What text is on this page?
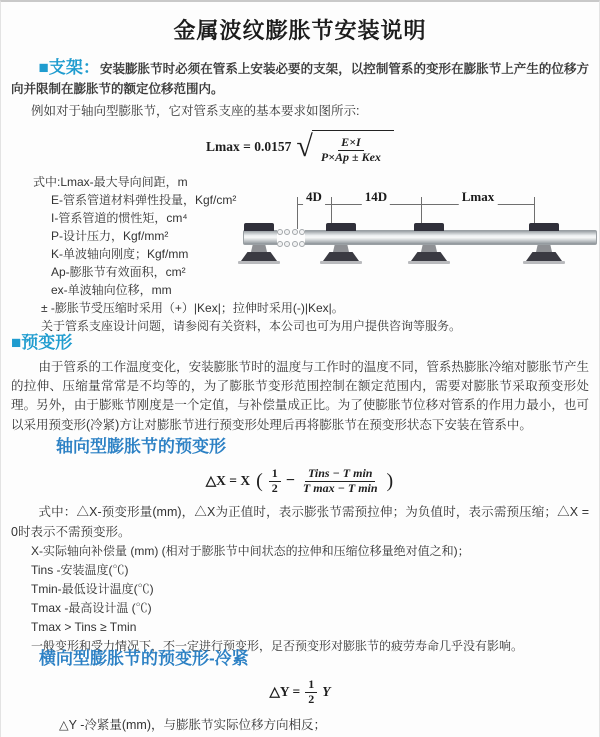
金属波纹膨胀节安装说明

■支架：安装膨胀节时必须在管系上安装必要的支架，以控制管系的变形在膨胀节上产生的位移方向并限制在膨胀节的额定位移范围内。

例如对于轴向型膨胀节，它对管系支座的基本要求如图所示:

Lmax = 0.0157 √ $\frac{E\times I}{\text{P×Ap ± Kex}}$
式中:Lmax-最大导向间距，m
E-管系管道材料弹性投量，Kgf/cm²
I-管系管道的惯性矩，cm⁴
P-设计压力，Kgf/mm²
K-单波轴向刚度；Kgf/mm
Ap-膨胀节有效面积，cm²
ex-单波轴向位移，mm
± -膨胀节受压缩时采用（+）|Kex|；拉伸时采用(-)|Kex|。
关于管系支座设计问题，请参阅有关资料，本公司也可为用户提供咨询等服务。
4D	14D	Lmax
■预变形

由于管系的工作温度变化，安装膨胀节时的温度与工作时的温度不同，管系热膨胀冷缩对膨胀节产生的拉伸、压缩量常常是不均等的，为了膨胀节变形范围控制在额定范围内，需要对膨胀节采取预变形处理。另外，由于膨账节刚度是一个定值，与补偿量成正比。为了使膨胀节位移对管系的作用力最小，也可以采用预变形(冷紧)方让对膨胀节进行预变形处理后再将膨胀节在预变形状态下安装在管系中。

轴向型膨胀节的预变形
△X = X ( $\frac{1}{2} - \frac{\text{Tins − T min}}{\text{T max − T min}}$ )

式中：△X-预变形量(mm)，△X为正值时，表示膨张节需预拉伸；为负值时，表示需预压缩；△X = 0时表示不需预变形。

X-实际轴向补偿量 (mm) (相对于膨胀节中间状态的拉伸和压缩位移量绝对值之和)；
Tins -安装温度(℃)
Tmin-最低设计温度(℃)
Tmax -最高设计温 (℃)
Tmax > Tins ≥ Tmin
一般变形和受力情况下，不一定进行预变形，足否预变形对膨胀节的疲劳寿命几乎没有影响。
横向型膨胀节的预变形-冷紧
△Y = $\frac{1}{2}$ Y
△Y -冷紧量(mm)，与膨胀节实际位移方向相反；
